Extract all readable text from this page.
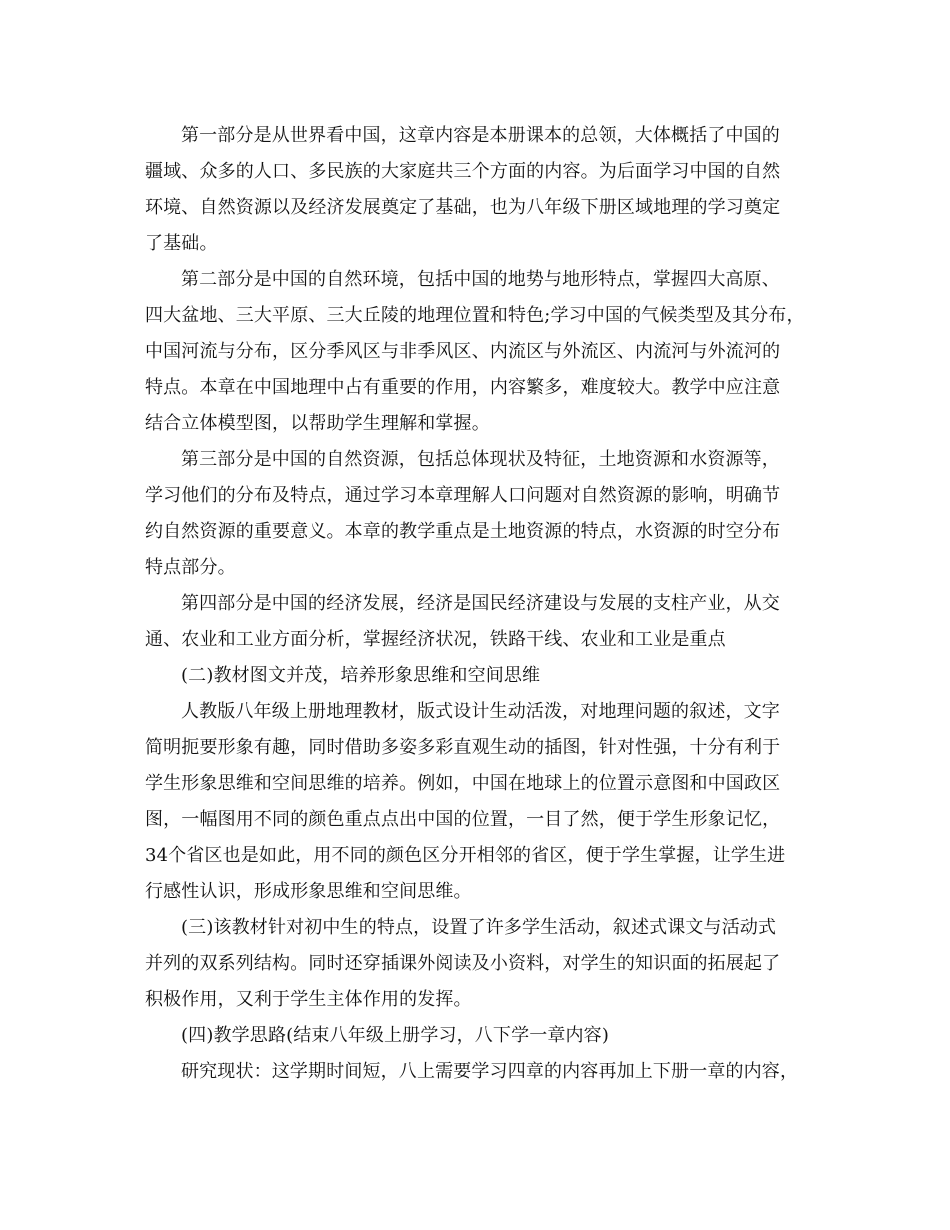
第一部分是从世界看中国，这章内容是本册课本的总领，大体概括了中国的
疆域、众多的人口、多民族的大家庭共三个方面的内容。为后面学习中国的自然
环境、自然资源以及经济发展奠定了基础，也为八年级下册区域地理的学习奠定
了基础。
第二部分是中国的自然环境，包括中国的地势与地形特点，掌握四大高原、
四大盆地、三大平原、三大丘陵的地理位置和特色;学习中国的气候类型及其分布，
中国河流与分布，区分季风区与非季风区、内流区与外流区、内流河与外流河的
特点。本章在中国地理中占有重要的作用，内容繁多，难度较大。教学中应注意
结合立体模型图，以帮助学生理解和掌握。
第三部分是中国的自然资源，包括总体现状及特征，土地资源和水资源等，
学习他们的分布及特点，通过学习本章理解人口问题对自然资源的影响，明确节
约自然资源的重要意义。本章的教学重点是土地资源的特点，水资源的时空分布
特点部分。
第四部分是中国的经济发展，经济是国民经济建设与发展的支柱产业，从交
通、农业和工业方面分析，掌握经济状况，铁路干线、农业和工业是重点
(二)教材图文并茂，培养形象思维和空间思维
人教版八年级上册地理教材，版式设计生动活泼，对地理问题的叙述，文字
简明扼要形象有趣，同时借助多姿多彩直观生动的插图，针对性强，十分有利于
学生形象思维和空间思维的培养。例如，中国在地球上的位置示意图和中国政区
图，一幅图用不同的颜色重点点出中国的位置，一目了然，便于学生形象记忆，
34个省区也是如此，用不同的颜色区分开相邻的省区，便于学生掌握，让学生进
行感性认识，形成形象思维和空间思维。
(三)该教材针对初中生的特点，设置了许多学生活动，叙述式课文与活动式
并列的双系列结构。同时还穿插课外阅读及小资料，对学生的知识面的拓展起了
积极作用，又利于学生主体作用的发挥。
(四)教学思路(结束八年级上册学习，八下学一章内容)
研究现状：这学期时间短，八上需要学习四章的内容再加上下册一章的内容，
